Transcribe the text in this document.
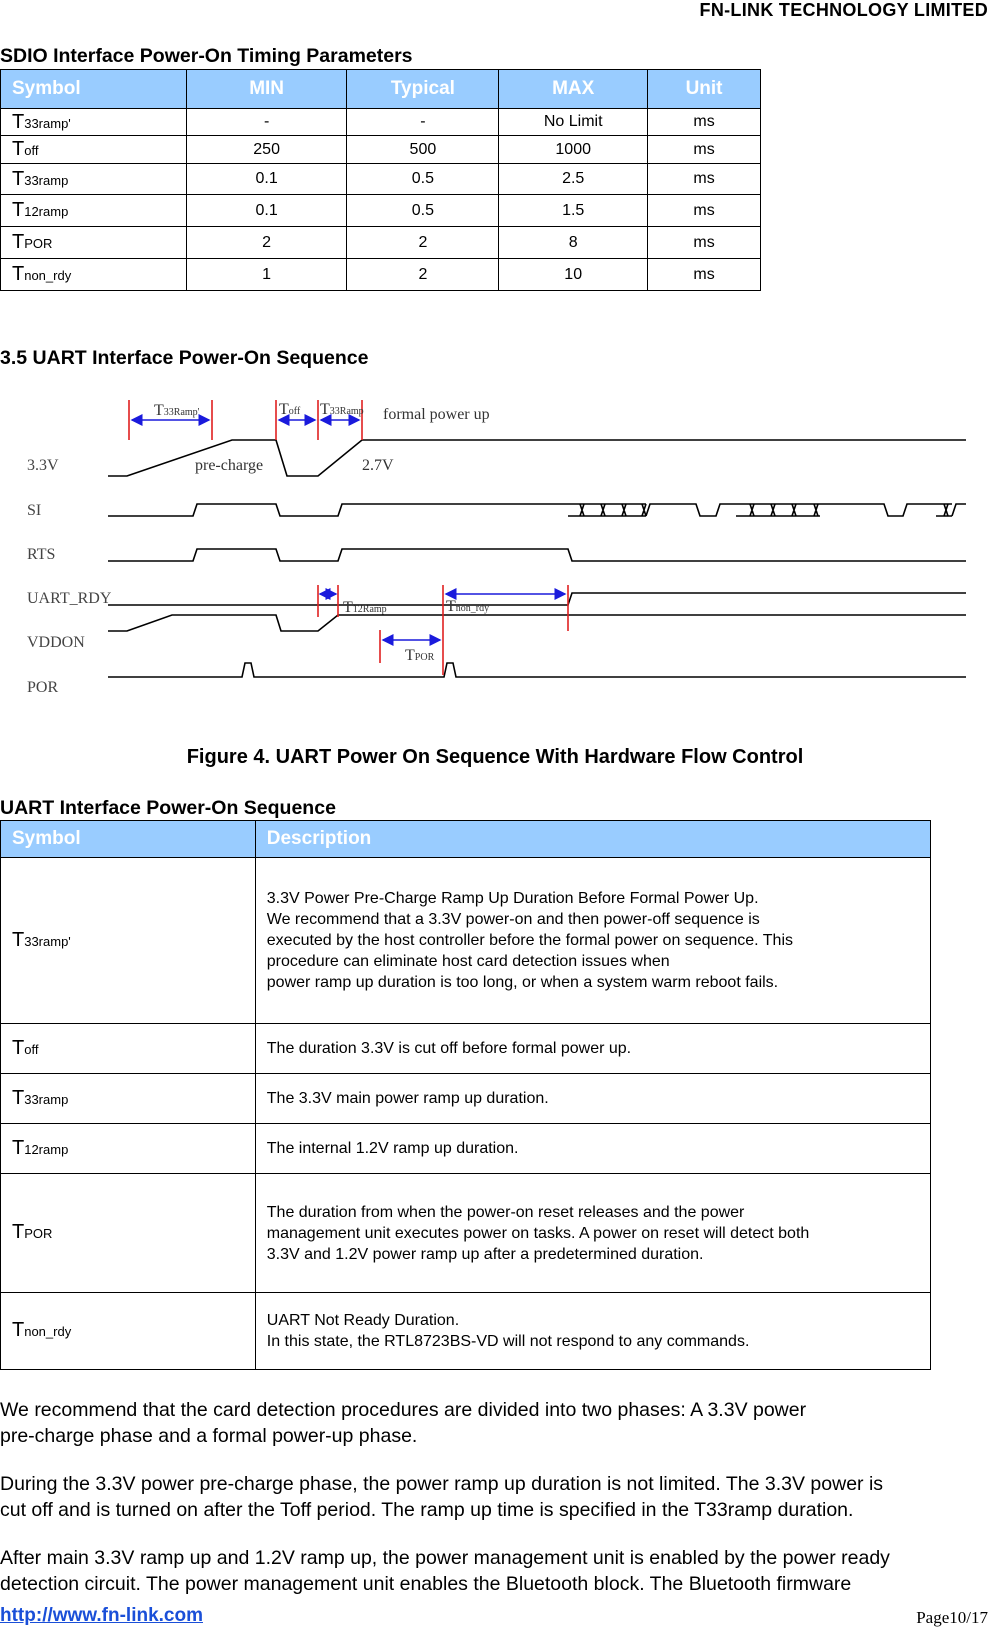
FN-LINK TECHNOLOGY LIMITED
SDIO Interface Power-On Timing Parameters
Symbol	MIN	Typical	MAX	Unit
T33ramp'	-	-	No Limit	ms
Toff	250	500	1000	ms
T33ramp	0.1	0.5	2.5	ms
T12ramp	0.1	0.5	1.5	ms
TPOR	2	2	8	ms
Tnon_rdy	1	2	10	ms
3.5 UART Interface Power-On Sequence
3.3V
SI
RTS
UART_RDY
VDDON
POR
T33Ramp'	Toff T33Ramp formal power up
pre-charge	2.7V
T12Ramp	Tnon_rdy
TPOR
Figure 4. UART Power On Sequence With Hardware Flow Control
UART Interface Power-On Sequence
Symbol	Description
T33ramp'	3.3V Power Pre-Charge Ramp Up Duration Before Formal Power Up.
We recommend that a 3.3V power-on and then power-off sequence is
executed by the host controller before the formal power on sequence. This
procedure can eliminate host card detection issues when
power ramp up duration is too long, or when a system warm reboot fails.

Toff	The duration 3.3V is cut off before formal power up.

T33ramp	The 3.3V main power ramp up duration.

T12ramp	The internal 1.2V ramp up duration.

TPOR	The duration from when the power-on reset releases and the power
management unit executes power on tasks. A power on reset will detect both
3.3V and 1.2V power ramp up after a predetermined duration.

Tnon_rdy	UART Not Ready Duration.
In this state, the RTL8723BS-VD will not respond to any commands.
We recommend that the card detection procedures are divided into two phases: A 3.3V power
pre-charge phase and a formal power-up phase.
During the 3.3V power pre-charge phase, the power ramp up duration is not limited. The 3.3V power is
cut off and is turned on after the Toff period. The ramp up time is specified in the T33ramp duration.
After main 3.3V ramp up and 1.2V ramp up, the power management unit is enabled by the power ready
detection circuit. The power management unit enables the Bluetooth block. The Bluetooth firmware
http://www.fn-link.com	Page10/17
